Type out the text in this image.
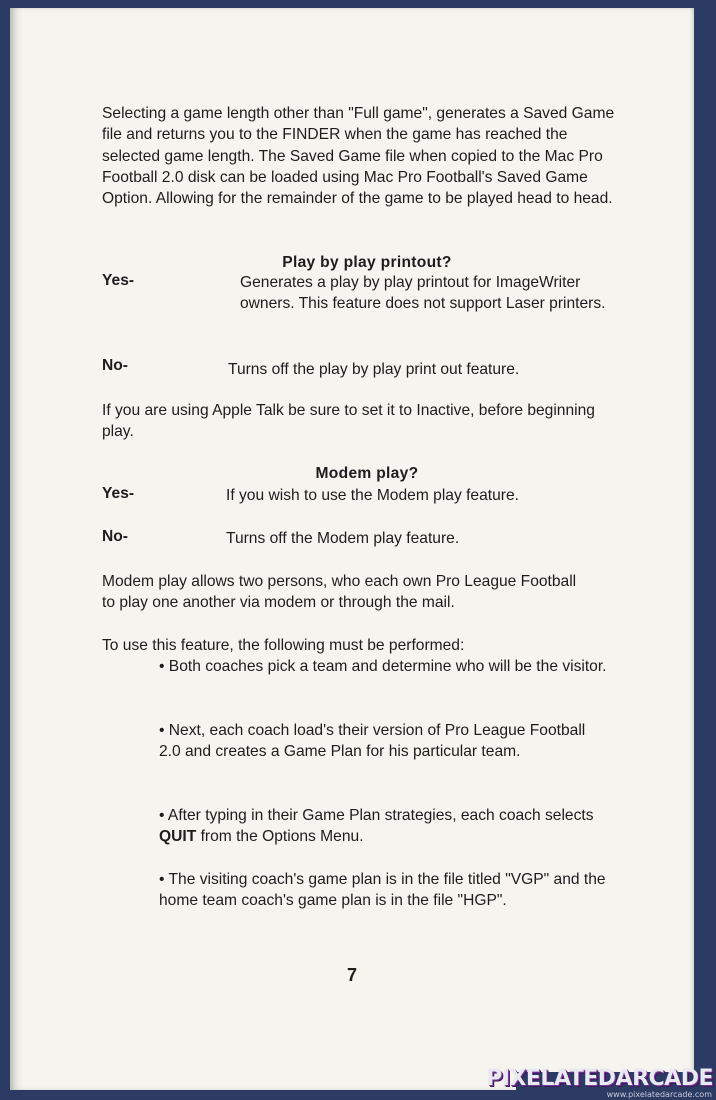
Selecting a game length other than "Full game", generates a Saved Game file and returns you to the FINDER when the game has reached the selected game length. The Saved Game file when copied to the Mac Pro Football 2.0 disk can be loaded using Mac Pro Football's Saved Game Option. Allowing for the remainder of the game to be played head to head.
Play by play printout?
Yes-	Generates a play by play printout for ImageWriter owners. This feature does not support Laser printers.
No-	Turns off the play by play print out feature.
If you are using Apple Talk be sure to set it to Inactive, before beginning play.
Modem play?
Yes-	If you wish to use the Modem play feature.
No-	Turns off the Modem play feature.
Modem play allows two persons, who each own Pro League Football to play one another via modem or through the mail.
To use this feature, the following must be performed:
• Both coaches pick a team and determine who will be the visitor.
• Next, each coach load's their version of Pro League Football 2.0 and creates a Game Plan for his particular team.
• After typing in their Game Plan strategies, each coach selects QUIT from the Options Menu.
• The visiting coach's game plan is in the file titled "VGP" and the home team coach's game plan is in the file "HGP".
7
PIXELATEDARCADE
www.pixelatedarcade.com
